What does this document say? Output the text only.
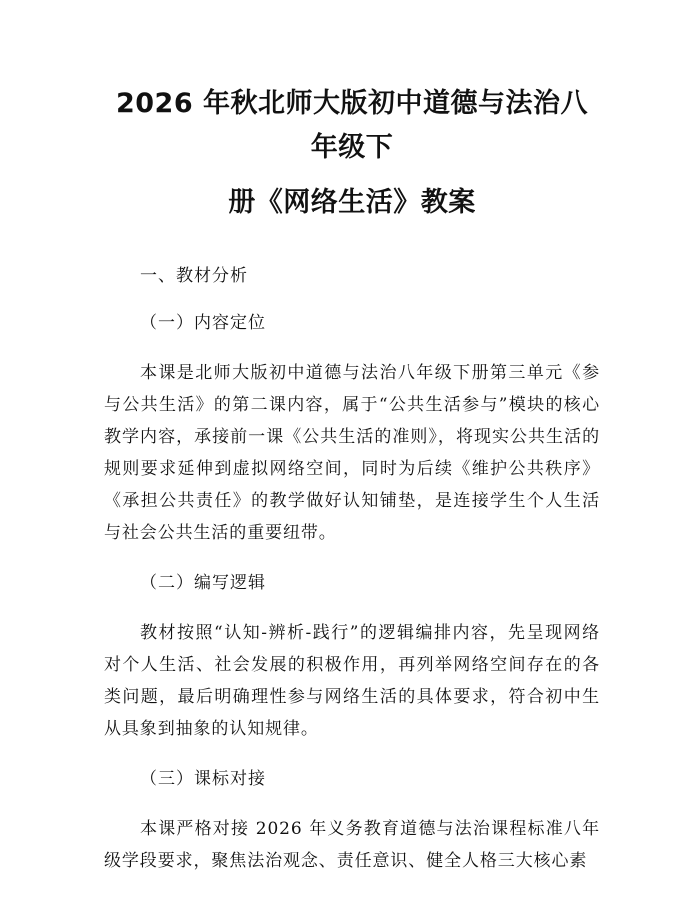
2026 年秋北师大版初中道德与法治八年级下
册《网络生活》教案
一、教材分析
（一）内容定位

本课是北师大版初中道德与法治八年级下册第三单元《参与公共生活》的第二课内容，属于“公共生活参与”模块的核心教学内容，承接前一课《公共生活的准则》，将现实公共生活的规则要求延伸到虚拟网络空间，同时为后续《维护公共秩序》《承担公共责任》的教学做好认知铺垫，是连接学生个人生活与社会公共生活的重要纽带。

（二）编写逻辑

教材按照“认知-辨析-践行”的逻辑编排内容，先呈现网络对个人生活、社会发展的积极作用，再列举网络空间存在的各类问题，最后明确理性参与网络生活的具体要求，符合初中生从具象到抽象的认知规律。

（三）课标对接

本课严格对接 2026 年义务教育道德与法治课程标准八年级学段要求，聚焦法治观念、责任意识、健全人格三大核心素
